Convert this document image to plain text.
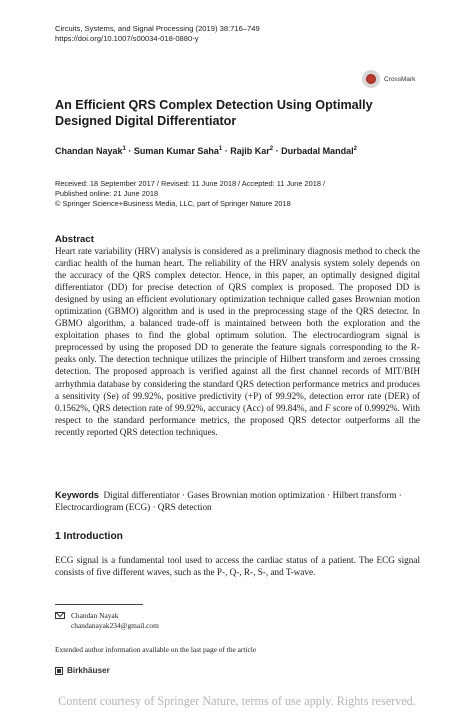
Circuits, Systems, and Signal Processing (2019) 38:716–749
https://doi.org/10.1007/s00034-018-0880-y
CrossMark
An Efficient QRS Complex Detection Using Optimally Designed Digital Differentiator
Chandan Nayak$^1$ · Suman Kumar Saha$^1$ · Rajib Kar$^2$ · Durbadal Mandal$^2$
Received: 18 September 2017 / Revised: 11 June 2018 / Accepted: 11 June 2018 /
Published online: 21 June 2018
© Springer Science+Business Media, LLC, part of Springer Nature 2018
Abstract

Heart rate variability (HRV) analysis is considered as a preliminary diagnosis method to check the cardiac health of the human heart. The reliability of the HRV analysis system solely depends on the accuracy of the QRS complex detector. Hence, in this paper, an optimally designed digital differentiator (DD) for precise detection of QRS complex is proposed. The proposed DD is designed by using an efficient evolutionary optimization technique called gases Brownian motion optimization (GBMO) algorithm and is used in the preprocessing stage of the QRS detector. In GBMO algorithm, a balanced trade-off is maintained between both the exploration and the exploitation phases to find the global optimum solution. The electrocardiogram signal is preprocessed by using the proposed DD to generate the feature signals corresponding to the R-peaks only. The detection technique utilizes the principle of Hilbert transform and zeroes crossing detection. The proposed approach is verified against all the first channel records of MIT/BIH arrhythmia database by considering the standard QRS detection performance metrics and produces a sensitivity (Se) of 99.92%, positive predictivity (+P) of 99.92%, detection error rate (DER) of 0.1562%, QRS detection rate of 99.92%, accuracy (Acc) of 99.84%, and F score of 0.9992%. With respect to the standard performance metrics, the proposed QRS detector outperforms all the recently reported QRS detection techniques.

Keywords Digital differentiator · Gases Brownian motion optimization · Hilbert transform · Electrocardiogram (ECG) · QRS detection

1 Introduction

ECG signal is a fundamental tool used to access the cardiac status of a patient. The ECG signal consists of five different waves, such as the P-, Q-, R-, S-, and T-wave.

Chandan Nayak
chandanayak234@gmail.com
Extended author information available on the last page of the article
Birkhäuser
Content courtesy of Springer Nature, terms of use apply. Rights reserved.
